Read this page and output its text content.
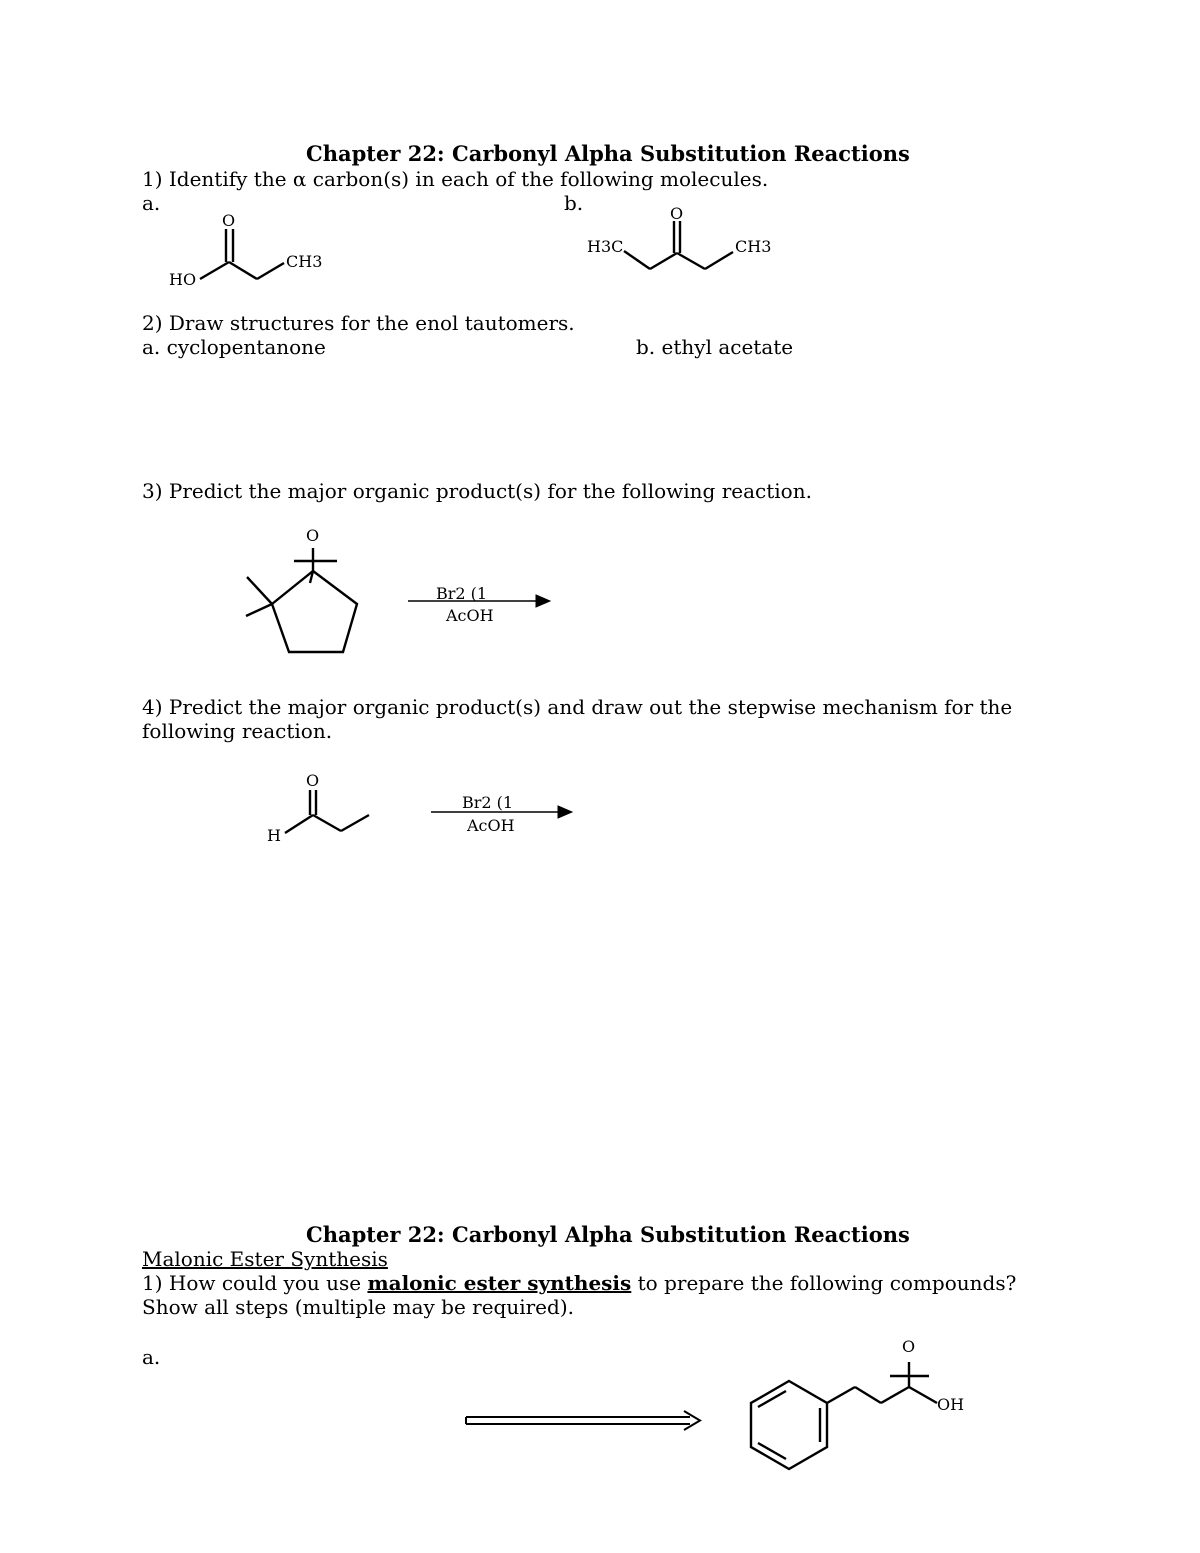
Chapter 22: Carbonyl Alpha Substitution Reactions
1) Identify the α carbon(s) in each of the following molecules.
a.	b.
O
HO
CH3
O
H3C	CH3
2) Draw structures for the enol tautomers.
a. cyclopentanone	b. ethyl acetate
3) Predict the major organic product(s) for the following reaction.
O
Br2 (1
AcOH
4) Predict the major organic product(s) and draw out the stepwise mechanism for the
following reaction.
O
H
Br2 (1
AcOH
Chapter 22: Carbonyl Alpha Substitution Reactions
Malonic Ester Synthesis
1) How could you use malonic ester synthesis to prepare the following compounds?
Show all steps (multiple may be required).
a.	O
OH
